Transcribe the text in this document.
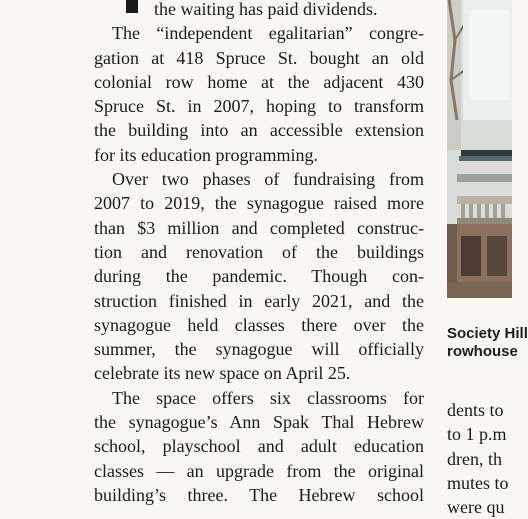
the waiting has paid dividends.
The “independent egalitarian” congre-
gation at 418 Spruce St. bought an old
colonial row home at the adjacent 430
Spruce St. in 2007, hoping to transform
the building into an accessible extension
for its education programming.
Over two phases of fundraising from
2007 to 2019, the synagogue raised more
than $3 million and completed construc-
tion and renovation of the buildings
during the pandemic. Though con-
struction finished in early 2021, and the
synagogue held classes there over the
summer, the synagogue will officially
celebrate its new space on April 25.
The space offers six classrooms for
the synagogue’s Ann Spak Thal Hebrew
school, playschool and adult education
classes — an upgrade from the original
building’s three. The Hebrew school
Society Hill
rowhouse
dents to
to 1 p.m
dren, th
mutes to
were qu
